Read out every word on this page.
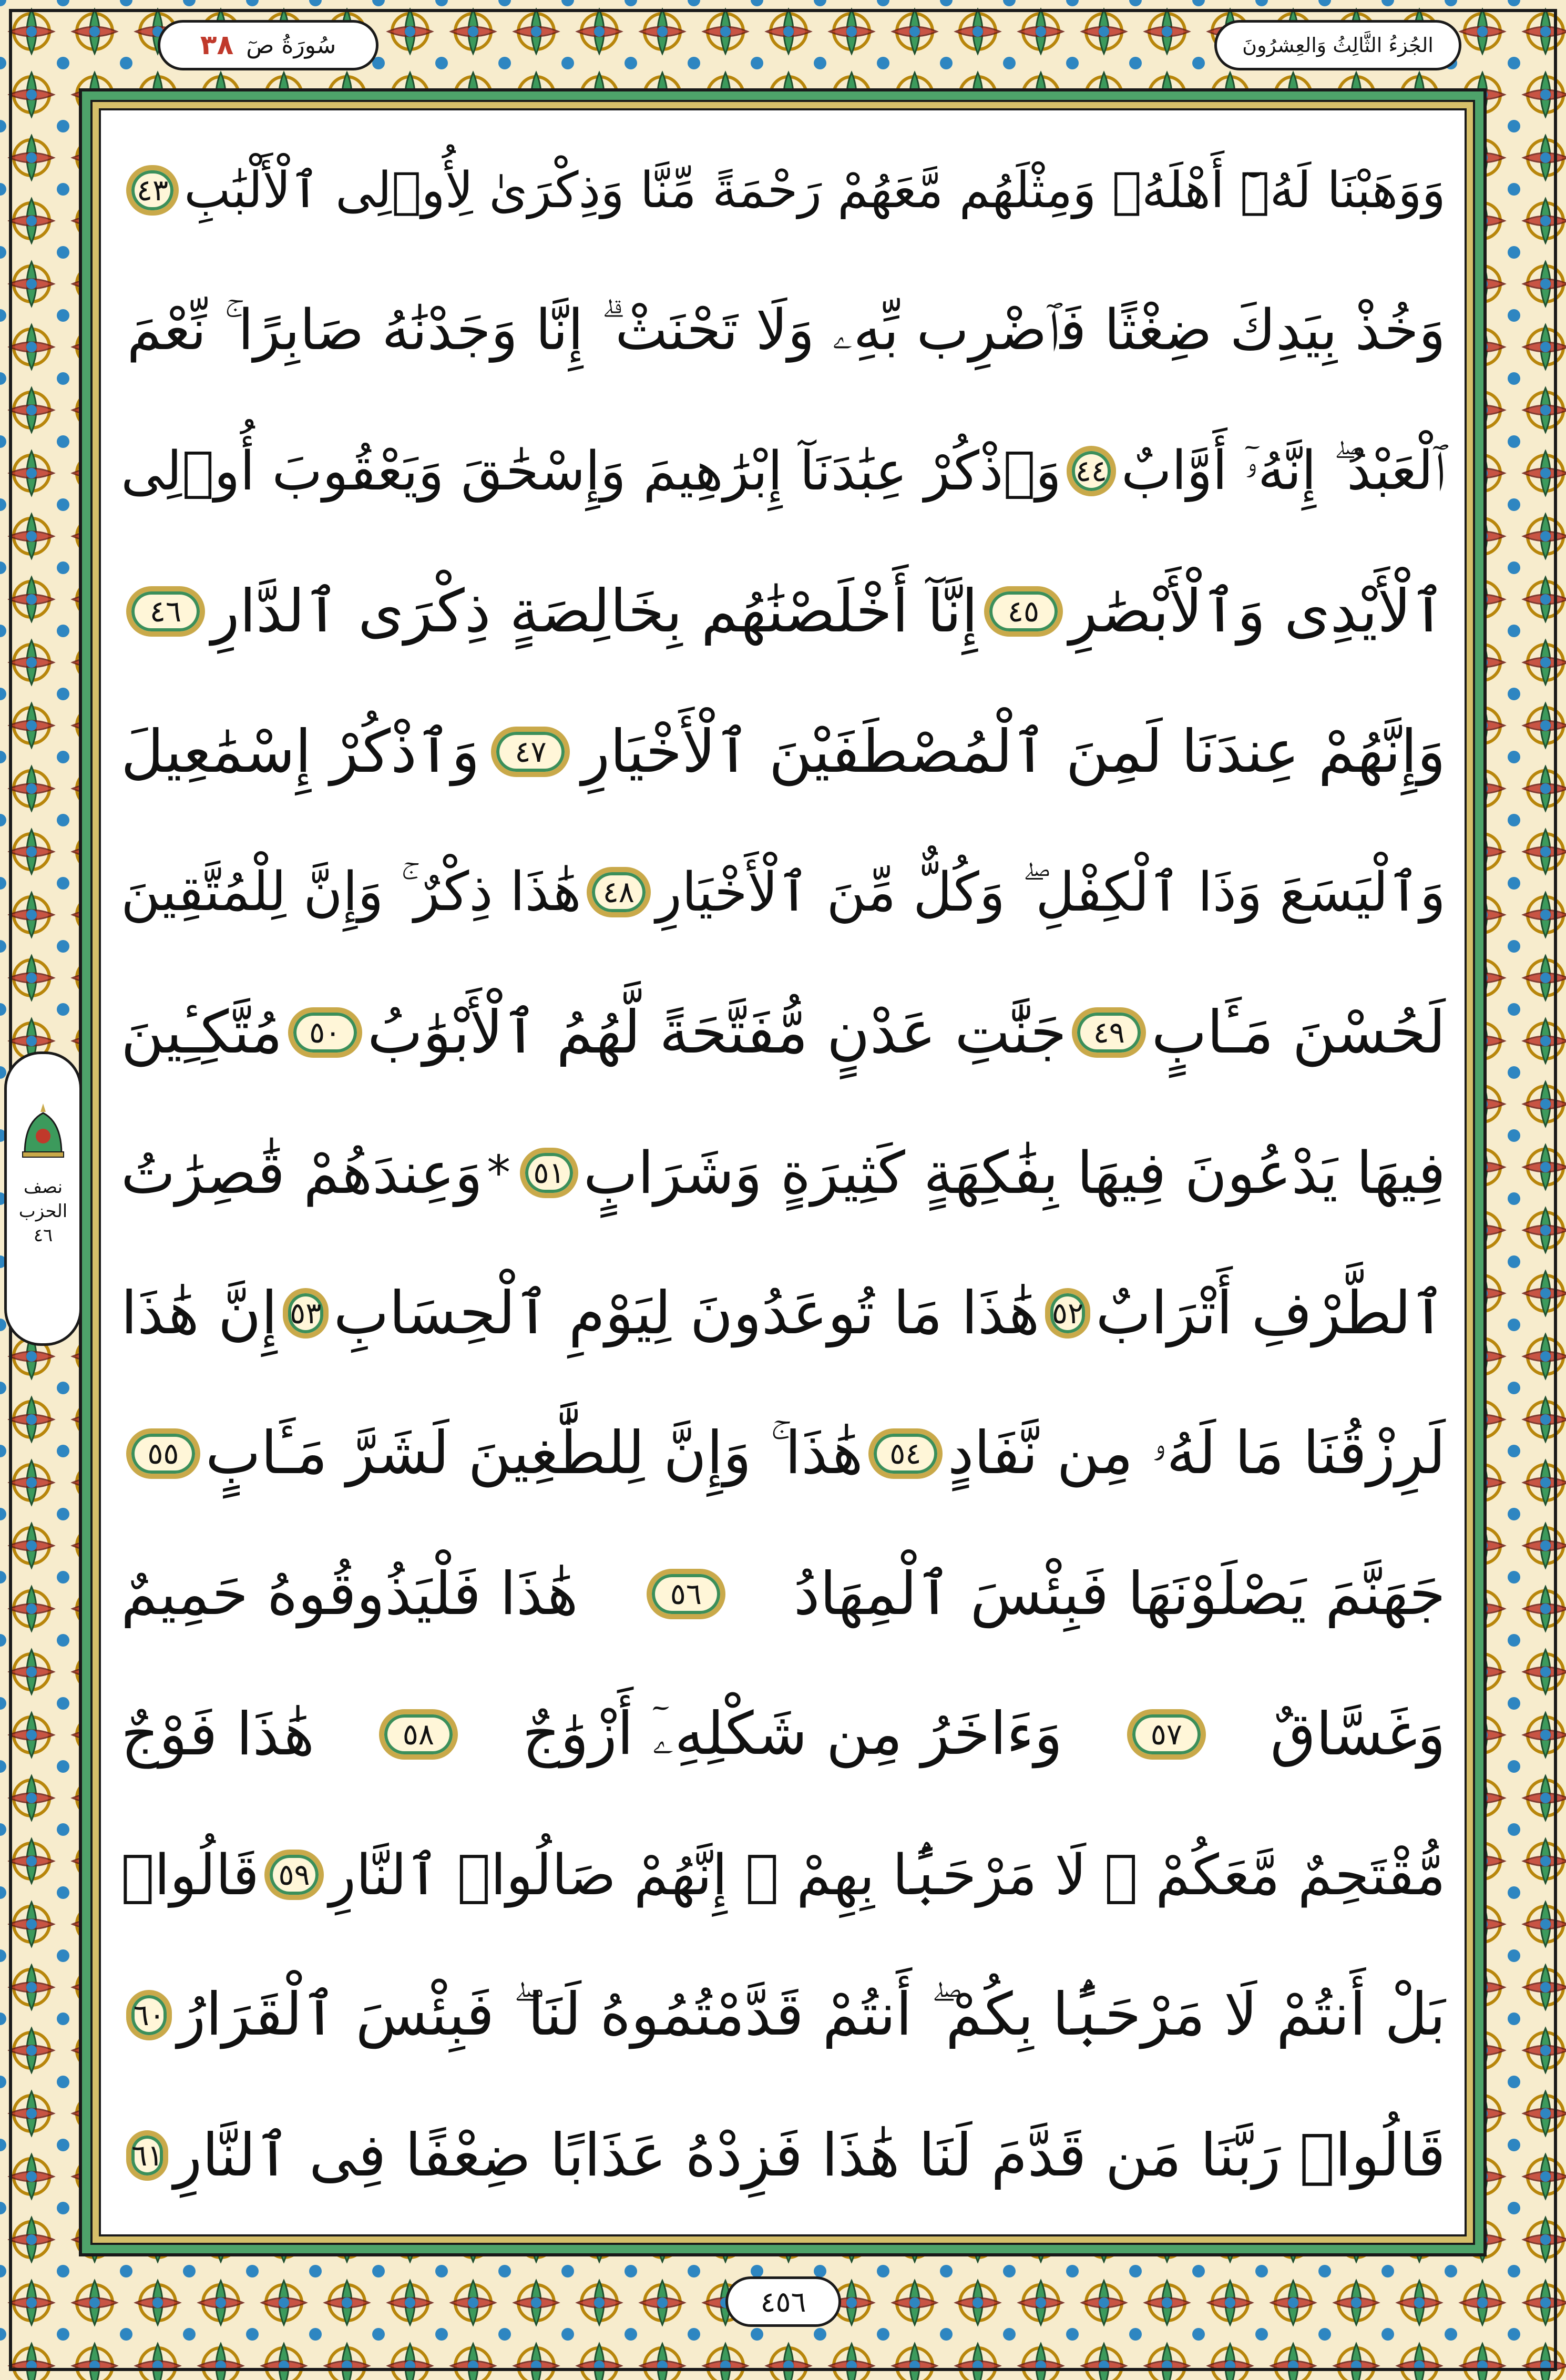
سُورَةُ صٓ
٣٨	الجُزءُ الثَّالِثُ وَالعِشرُونَ
وَوَهَبْنَا لَهُۥٓ أَهْلَهُۥ وَمِثْلَهُم مَّعَهُمْ رَحْمَةً مِّنَّا وَذِكْرَىٰ لِأُو۟لِى ٱلْأَلْبَٰبِ
٤٣
وَخُذْ بِيَدِكَ ضِغْثًا فَٱضْرِب بِّهِۦ وَلَا تَحْنَثْ ۗ إِنَّا وَجَدْنَٰهُ صَابِرًا ۚ نِّعْمَ
ٱلْعَبْدُ ۖ إِنَّهُۥٓ أَوَّابٌ
٤٤
وَٱذْكُرْ عِبَٰدَنَآ إِبْرَٰهِيمَ وَإِسْحَٰقَ وَيَعْقُوبَ أُو۟لِى
ٱلْأَيْدِى وَٱلْأَبْصَٰرِ
٤٥
إِنَّآ أَخْلَصْنَٰهُم بِخَالِصَةٍ ذِكْرَى ٱلدَّارِ
٤٦
وَإِنَّهُمْ عِندَنَا لَمِنَ ٱلْمُصْطَفَيْنَ ٱلْأَخْيَارِ
٤٧
وَٱذْكُرْ إِسْمَٰعِيلَ
وَٱلْيَسَعَ وَذَا ٱلْكِفْلِ ۖ وَكُلٌّ مِّنَ ٱلْأَخْيَارِ
٤٨
هَٰذَا ذِكْرٌ ۚ وَإِنَّ لِلْمُتَّقِينَ
لَحُسْنَ مَـَٔابٍ
٤٩
جَنَّٰتِ عَدْنٍ مُّفَتَّحَةً لَّهُمُ ٱلْأَبْوَٰبُ
٥٠
مُتَّكِـِٔينَ
فِيهَا يَدْعُونَ فِيهَا بِفَٰكِهَةٍ كَثِيرَةٍ وَشَرَابٍ
٥١
*
وَعِندَهُمْ قَٰصِرَٰتُ
ٱلطَّرْفِ أَتْرَابٌ
٥٢
هَٰذَا مَا تُوعَدُونَ لِيَوْمِ ٱلْحِسَابِ
٥٣
إِنَّ هَٰذَا
لَرِزْقُنَا مَا لَهُۥ مِن نَّفَادٍ
٥٤
هَٰذَا ۚ وَإِنَّ لِلطَّٰغِينَ لَشَرَّ مَـَٔابٍ
٥٥
جَهَنَّمَ يَصْلَوْنَهَا فَبِئْسَ ٱلْمِهَادُ
٥٦
هَٰذَا فَلْيَذُوقُوهُ حَمِيمٌ
وَغَسَّاقٌ
٥٧
وَءَاخَرُ مِن شَكْلِهِۦٓ أَزْوَٰجٌ
٥٨
هَٰذَا فَوْجٌ
مُّقْتَحِمٌ مَّعَكُمْ ۖ لَا مَرْحَبًۢا بِهِمْ ۚ إِنَّهُمْ صَالُوا۟ ٱلنَّارِ
٥٩
قَالُوا۟
بَلْ أَنتُمْ لَا مَرْحَبًۢا بِكُمْ ۖ أَنتُمْ قَدَّمْتُمُوهُ لَنَا ۖ فَبِئْسَ ٱلْقَرَارُ
٦٠
قَالُوا۟ رَبَّنَا مَن قَدَّمَ لَنَا هَٰذَا فَزِدْهُ عَذَابًا ضِعْفًا فِى ٱلنَّارِ
٦١
نصف الحزب ٤٦
٤٥٦
